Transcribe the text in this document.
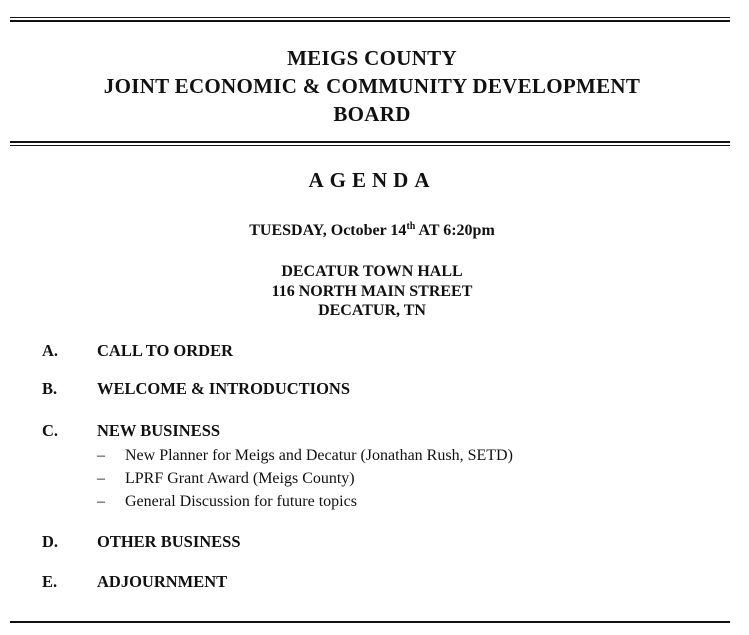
MEIGS COUNTY
JOINT ECONOMIC & COMMUNITY DEVELOPMENT
BOARD
AGENDA
TUESDAY, October 14th AT 6:20pm
DECATUR TOWN HALL
116 NORTH MAIN STREET
DECATUR, TN
A. CALL TO ORDER
B. WELCOME & INTRODUCTIONS
C. NEW BUSINESS
– New Planner for Meigs and Decatur (Jonathan Rush, SETD)
– LPRF Grant Award (Meigs County)
– General Discussion for future topics
D. OTHER BUSINESS
E. ADJOURNMENT
